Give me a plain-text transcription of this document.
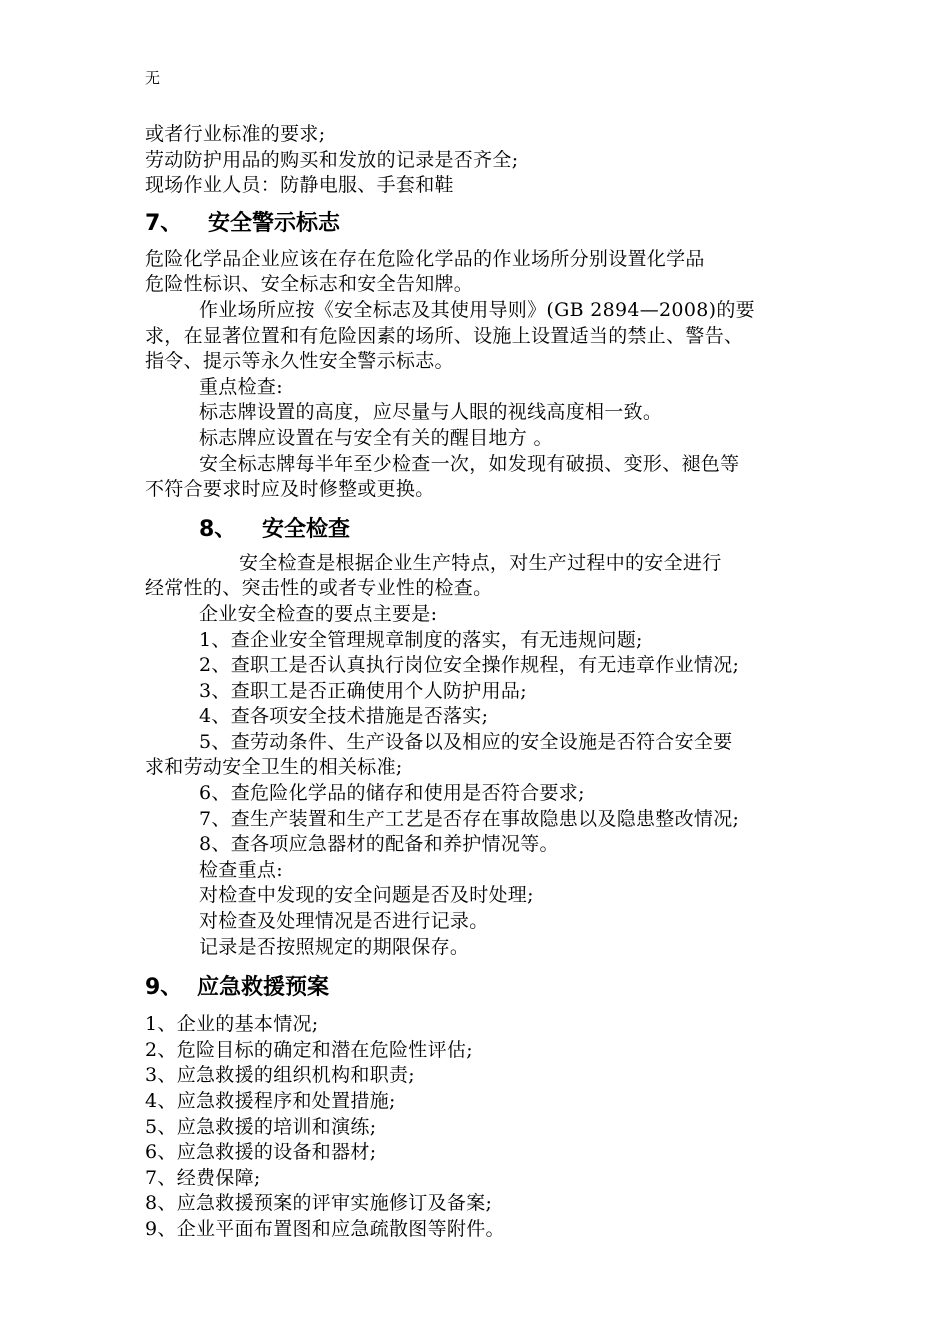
无
或者行业标准的要求;
劳动防护用品的购买和发放的记录是否齐全;
现场作业人员：防静电服、手套和鞋
7、 安全警示标志
危险化学品企业应该在存在危险化学品的作业场所分别设置化学品
危险性标识、安全标志和安全告知牌。
作业场所应按《安全标志及其使用导则》(GB 2894—2008)的要
求，在显著位置和有危险因素的场所、设施上设置适当的禁止、警告、
指令、提示等永久性安全警示标志。
重点检查:
标志牌设置的高度，应尽量与人眼的视线高度相一致。
标志牌应设置在与安全有关的醒目地方 。
安全标志牌每半年至少检查一次，如发现有破损、变形、褪色等
不符合要求时应及时修整或更换。
8、 安全检查
安全检查是根据企业生产特点，对生产过程中的安全进行
经常性的、突击性的或者专业性的检查。
企业安全检查的要点主要是:
1、查企业安全管理规章制度的落实，有无违规问题;
2、查职工是否认真执行岗位安全操作规程，有无违章作业情况;
3、查职工是否正确使用个人防护用品;
4、查各项安全技术措施是否落实;
5、查劳动条件、生产设备以及相应的安全设施是否符合安全要
求和劳动安全卫生的相关标准;
6、查危险化学品的储存和使用是否符合要求;
7、查生产装置和生产工艺是否存在事故隐患以及隐患整改情况;
8、查各项应急器材的配备和养护情况等。
检查重点:
对检查中发现的安全问题是否及时处理;
对检查及处理情况是否进行记录。
记录是否按照规定的期限保存。
9、 应急救援预案
1、企业的基本情况;
2、危险目标的确定和潜在危险性评估;
3、应急救援的组织机构和职责;
4、应急救援程序和处置措施;
5、应急救援的培训和演练;
6、应急救援的设备和器材;
7、经费保障;
8、应急救援预案的评审实施修订及备案;
9、企业平面布置图和应急疏散图等附件。
